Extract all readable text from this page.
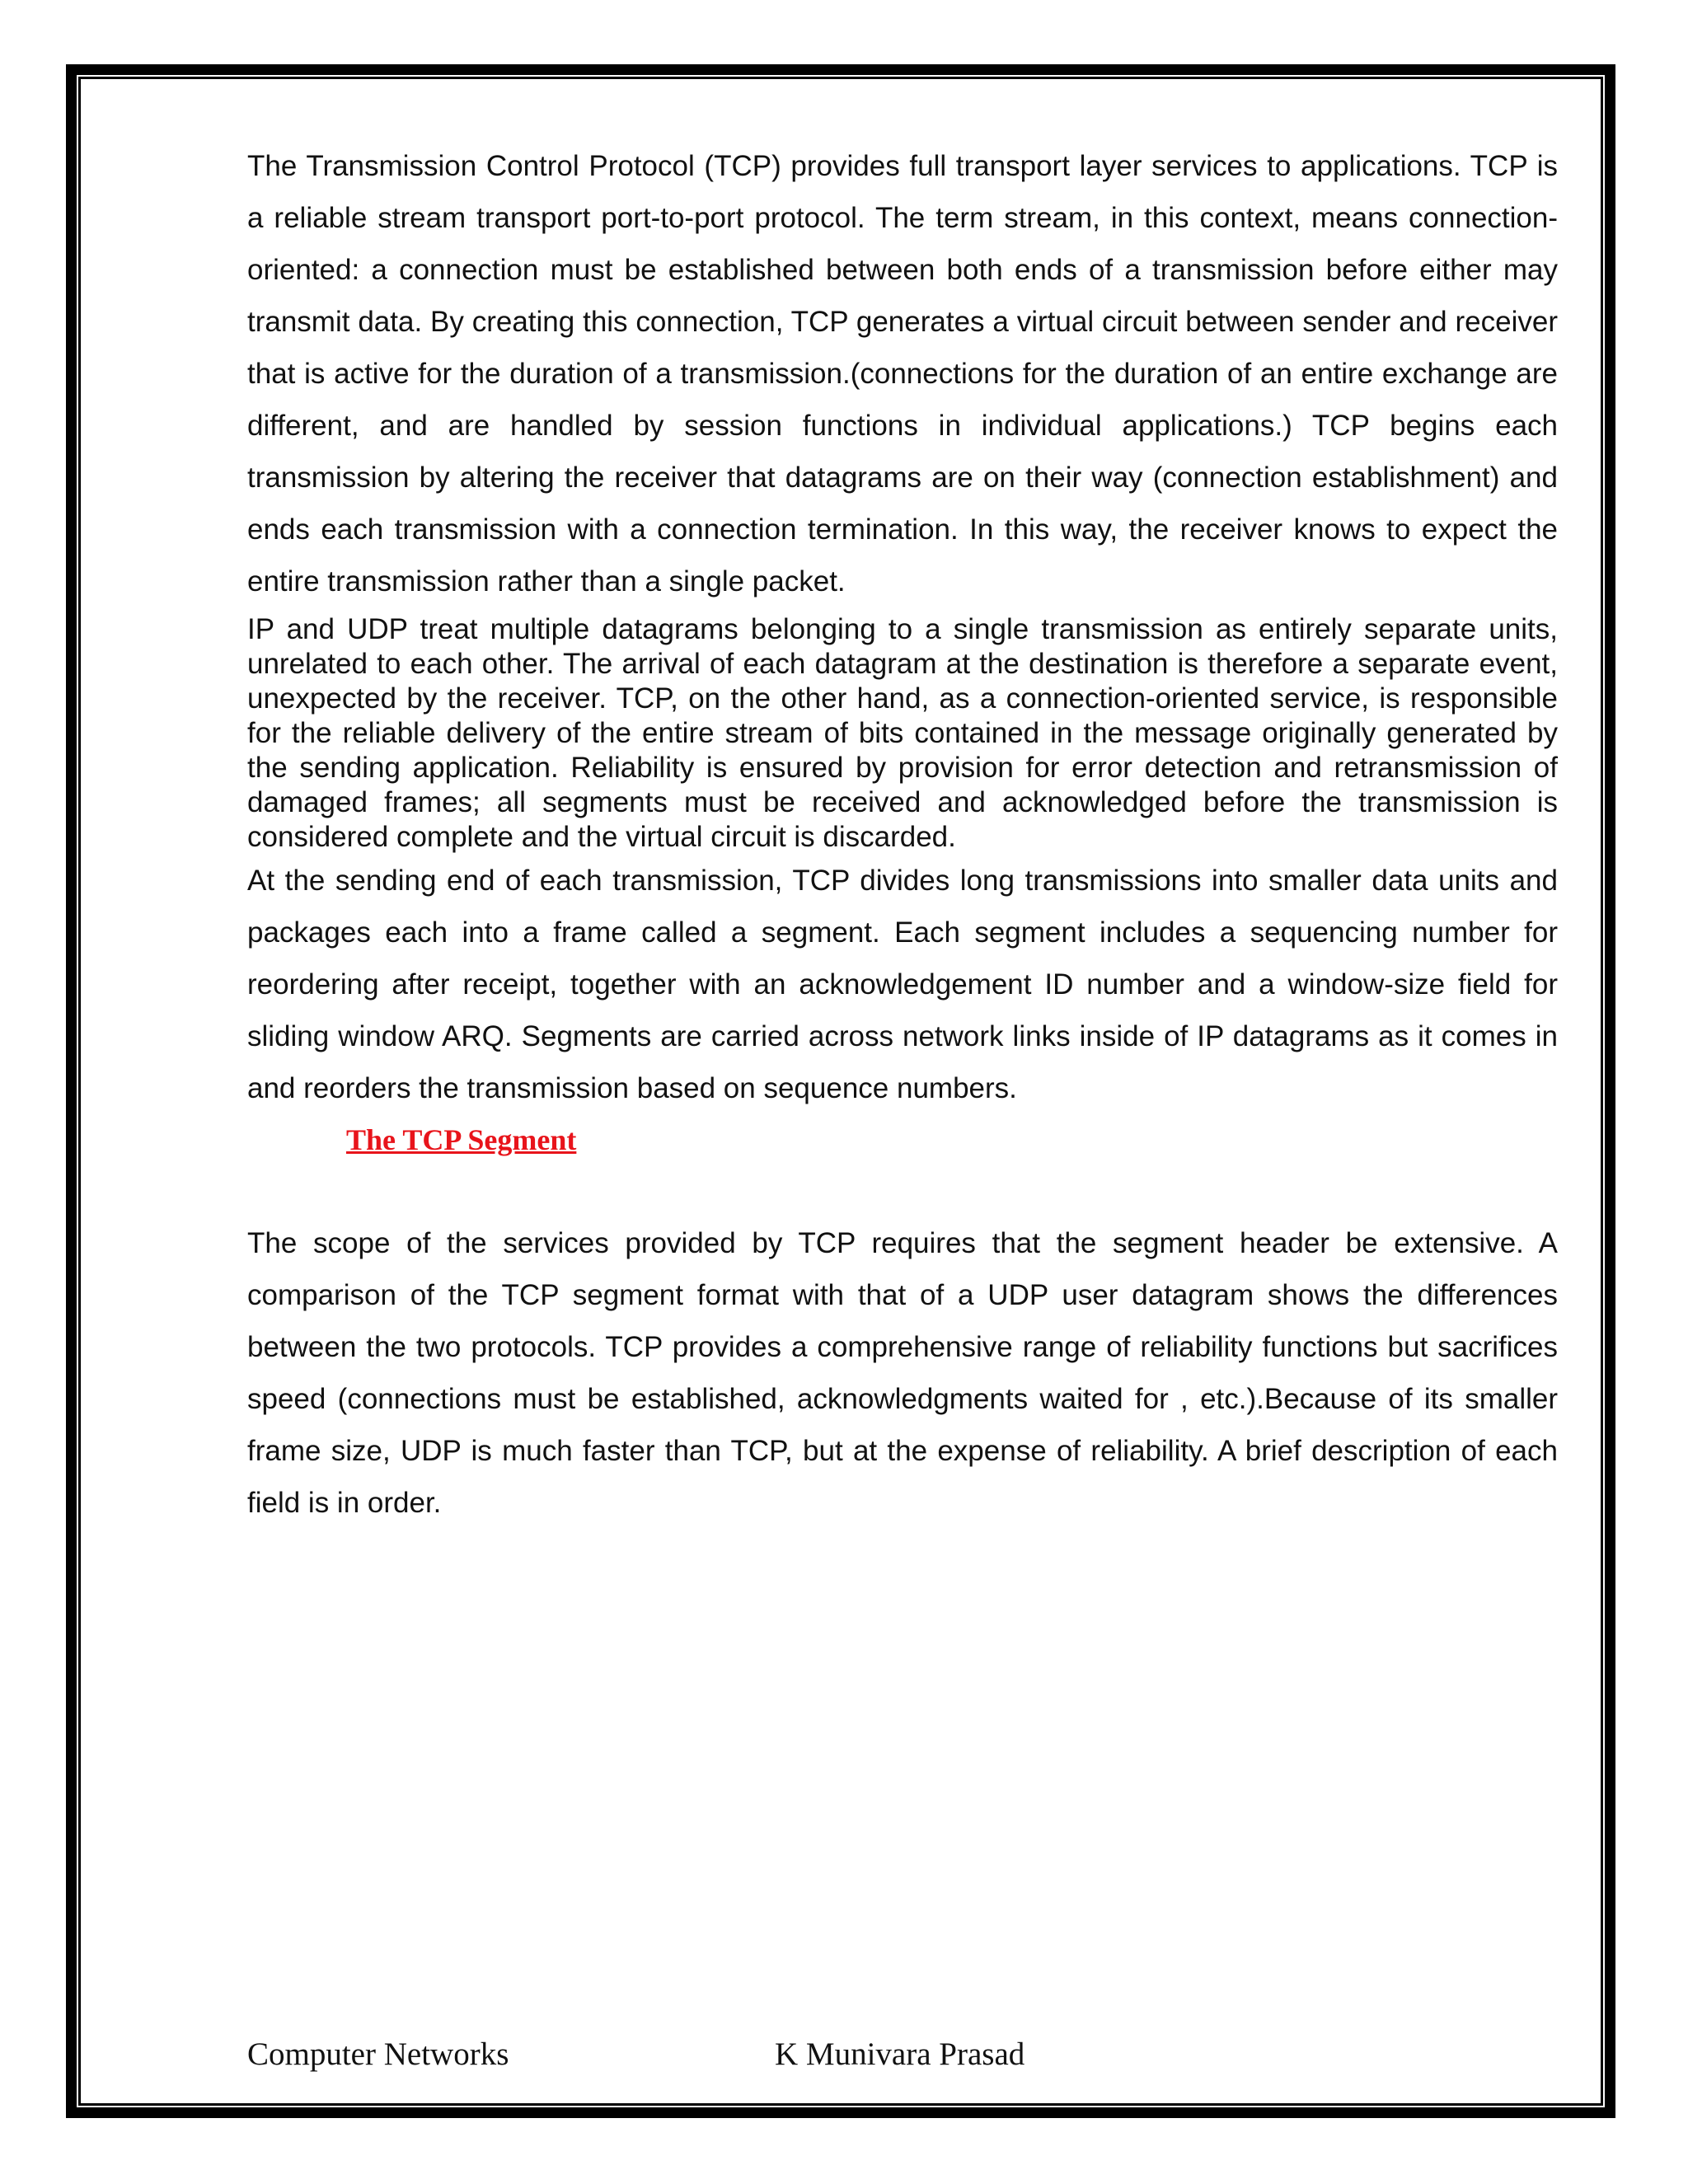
The Transmission Control Protocol (TCP) provides full transport layer services to applications. TCP is a reliable stream transport port-to-port protocol. The term stream, in this context, means connection-oriented: a connection must be established between both ends of a transmission before either may transmit data. By creating this connection, TCP generates a virtual circuit between sender and receiver that is active for the duration of a transmission.(connections for the duration of an entire exchange are different, and are handled by session functions in individual applications.) TCP begins each transmission by altering the receiver that datagrams are on their way (connection establishment) and ends each transmission with a connection termination. In this way, the receiver knows to expect the entire transmission rather than a single packet.

IP and UDP treat multiple datagrams belonging to a single transmission as entirely separate units, unrelated to each other. The arrival of each datagram at the destination is therefore a separate event, unexpected by the receiver. TCP, on the other hand, as a connection-oriented service, is responsible for the reliable delivery of the entire stream of bits contained in the message originally generated by the sending application. Reliability is ensured by provision for error detection and retransmission of damaged frames; all segments must be received and acknowledged before the transmission is considered complete and the virtual circuit is discarded.

At the sending end of each transmission, TCP divides long transmissions into smaller data units and packages each into a frame called a segment. Each segment includes a sequencing number for reordering after receipt, together with an acknowledgement ID number and a window-size field for sliding window ARQ. Segments are carried across network links inside of IP datagrams as it comes in and reorders the transmission based on sequence numbers.

The TCP Segment

The scope of the services provided by TCP requires that the segment header be extensive. A comparison of the TCP segment format with that of a UDP user datagram shows the differences between the two protocols. TCP provides a comprehensive range of reliability functions but sacrifices speed (connections must be established, acknowledgments waited for , etc.).Because of its smaller frame size, UDP is much faster than TCP, but at the expense of reliability. A brief description of each field is in order.

Computer Networks	K Munivara Prasad
